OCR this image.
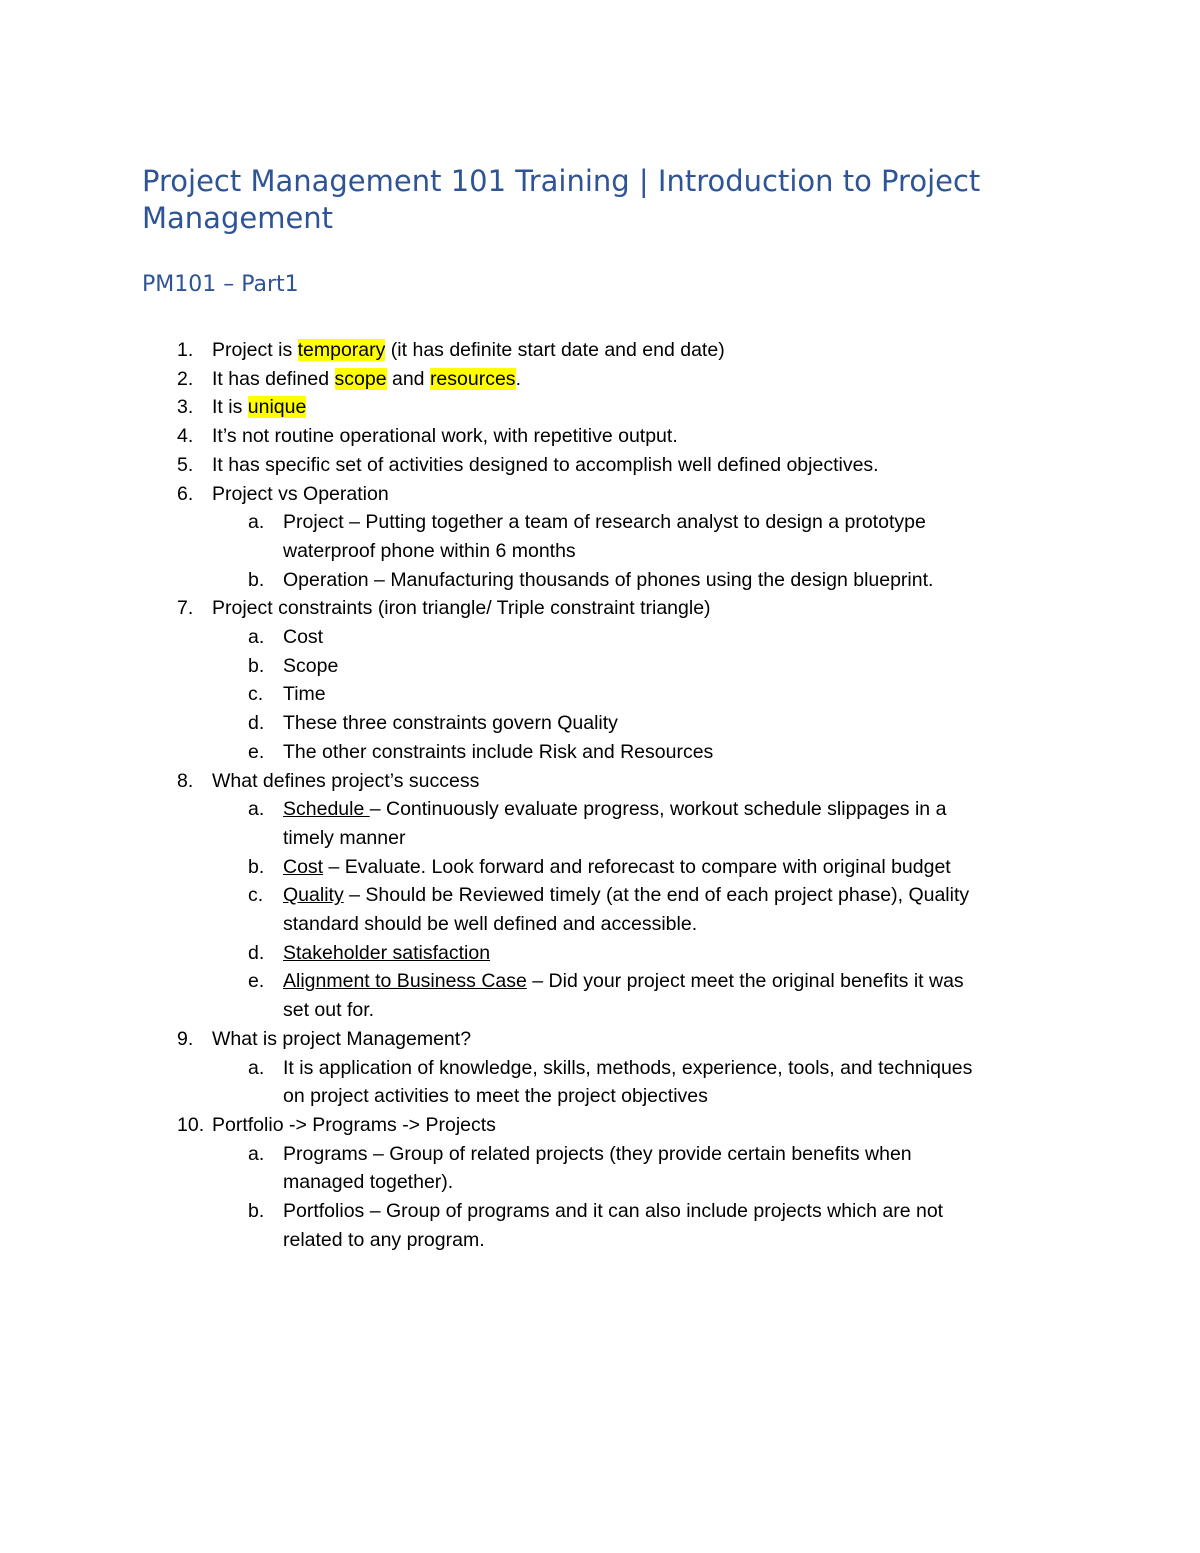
Project Management 101 Training | Introduction to Project Management
PM101 – Part1
1. Project is temporary (it has definite start date and end date)
2. It has defined scope and resources.
3. It is unique
4. It’s not routine operational work, with repetitive output.
5. It has specific set of activities designed to accomplish well defined objectives.
6. Project vs Operation
a. Project – Putting together a team of research analyst to design a prototype
waterproof phone within 6 months
b. Operation – Manufacturing thousands of phones using the design blueprint.
7. Project constraints (iron triangle/ Triple constraint triangle)
a. Cost
b. Scope
c. Time
d. These three constraints govern Quality
e. The other constraints include Risk and Resources
8. What defines project’s success
a. Schedule – Continuously evaluate progress, workout schedule slippages in a
timely manner
b. Cost – Evaluate. Look forward and reforecast to compare with original budget
c. Quality – Should be Reviewed timely (at the end of each project phase), Quality
standard should be well defined and accessible.
d. Stakeholder satisfaction
e. Alignment to Business Case – Did your project meet the original benefits it was
set out for.
9. What is project Management?
a. It is application of knowledge, skills, methods, experience, tools, and techniques
on project activities to meet the project objectives
10. Portfolio -> Programs -> Projects
a. Programs – Group of related projects (they provide certain benefits when
managed together).
b. Portfolios – Group of programs and it can also include projects which are not
related to any program.
